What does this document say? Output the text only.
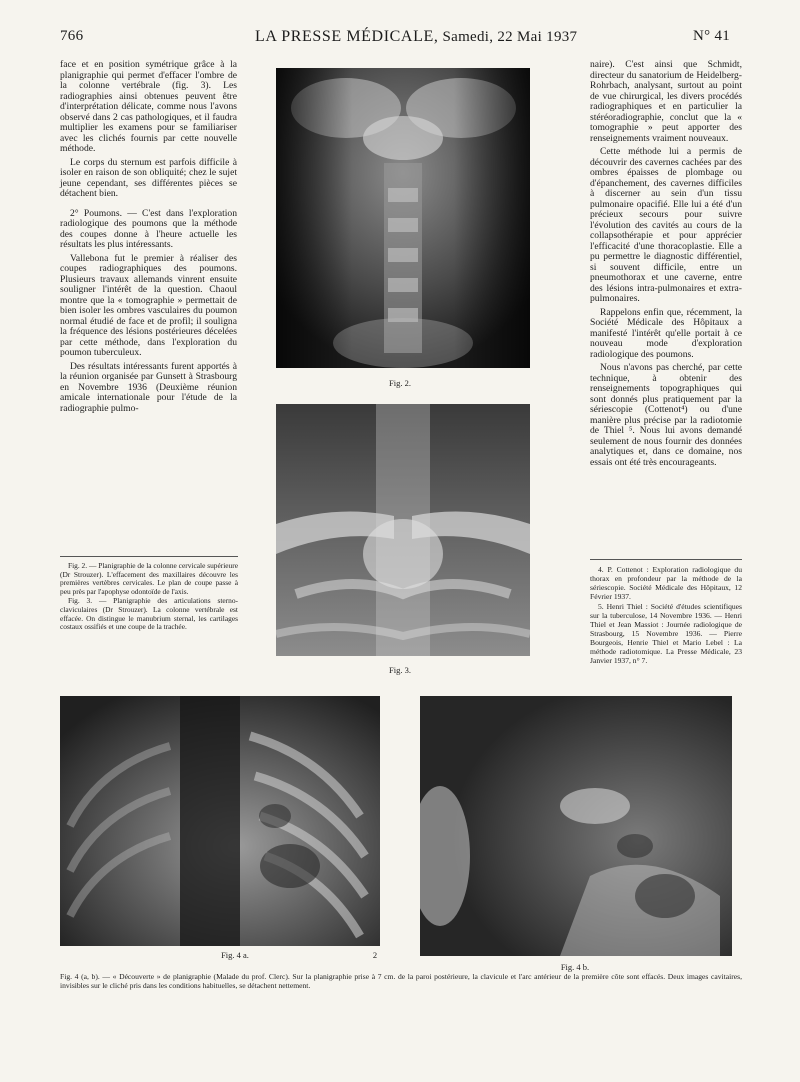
766	LA PRESSE MÉDICALE, Samedi, 22 Mai 1937	N° 41

face et en position symétrique grâce à la planigraphie qui permet d'effacer l'ombre de la colonne vertébrale (fig. 3). Les radiographies ainsi obtenues peuvent être d'interprétation délicate, comme nous l'avons observé dans 2 cas pathologiques, et il faudra multiplier les examens pour se familiariser avec les clichés fournis par cette nouvelle méthode.

Le corps du sternum est parfois difficile à isoler en raison de son obliquité; chez le sujet jeune cependant, ses différentes pièces se détachent bien.

2° Poumons. — C'est dans l'exploration radiologique des poumons que la méthode des coupes donne à l'heure actuelle les résultats les plus intéressants.

Vallebona fut le premier à réaliser des coupes radiographiques des poumons. Plusieurs travaux allemands vinrent ensuite souligner l'intérêt de la question. Chaoul montre que la « tomographie » permettait de bien isoler les ombres vasculaires du poumon normal étudié de face et de profil; il souligna la fréquence des lésions postérieures décelées par cette méthode, dans l'exploration du poumon tuberculeux.

Des résultats intéressants furent apportés à la réunion organisée par Gunsett à Strasbourg en Novembre 1936 (Deuxième réunion amicale internationale pour l'étude de la radiographie pulmo-

Fig. 2. — Planigraphie de la colonne cervicale supérieure (Dr Strouzer). L'effacement des maxillaires découvre les premières vertèbres cervicales. Le plan de coupe passe à peu près par l'apophyse odontoïde de l'axis.

Fig. 3. — Planigraphie des articulations sterno-claviculaires (Dr Strouzer). La colonne vertébrale est effacée. On distingue le manubrium sternal, les cartilages costaux ossifiés et une coupe de la trachée.

Fig. 2.
Fig. 3.

naire). C'est ainsi que Schmidt, directeur du sanatorium de Heidelberg-Rohrbach, analysant, surtout au point de vue chirurgical, les divers procédés radiographiques et en particulier la stéréoradiographie, conclut que la « tomographie » peut apporter des renseignements vraiment nouveaux.

Cette méthode lui a permis de découvrir des cavernes cachées par des ombres épaisses de plombage ou d'épanchement, des cavernes difficiles à discerner au sein d'un tissu pulmonaire opacifié. Elle lui a été d'un précieux secours pour suivre l'évolution des cavités au cours de la collapsothérapie et pour apprécier l'efficacité d'une thoracoplastie. Elle a pu permettre le diagnostic différentiel, si souvent difficile, entre un pneumothorax et une caverne, entre des lésions intra-pulmonaires et extra-pulmonaires.

Rappelons enfin que, récemment, la Société Médicale des Hôpitaux a manifesté l'intérêt qu'elle portait à ce nouveau mode d'exploration radiologique des poumons.

Nous n'avons pas cherché, par cette technique, à obtenir des renseignements topographiques qui sont donnés plus pratiquement par la sériescopie (Cottenot⁴) ou d'une manière plus précise par la radiotomie de Thiel ⁵. Nous lui avons demandé seulement de nous fournir des données analytiques et, dans ce domaine, nos essais ont été très encourageants.

4. P. Cottenot : Exploration radiologique du thorax en profondeur par la méthode de la sériescopie. Société Médicale des Hôpitaux, 12 Février 1937.

5. Henri Thiel : Société d'études scientifiques sur la tuberculose, 14 Novembre 1936. — Henri Thiel et Jean Massiot : Journée radiologique de Strasbourg, 15 Novembre 1936. — Pierre Bourgeois, Henrie Thiel et Mario Lebel : La méthode radiotomique. La Presse Médicale, 23 Janvier 1937, n° 7.

Fig. 4 a.	2
Fig. 4 b.
Fig. 4 (a, b). — « Découverte » de planigraphie (Malade du prof. Clerc). Sur la planigraphie prise à 7 cm. de la paroi postérieure, la clavicule et l'arc antérieur de la première côte sont effacés. Deux images cavitaires, invisibles sur le cliché pris dans les conditions habituelles, se détachent nettement.
